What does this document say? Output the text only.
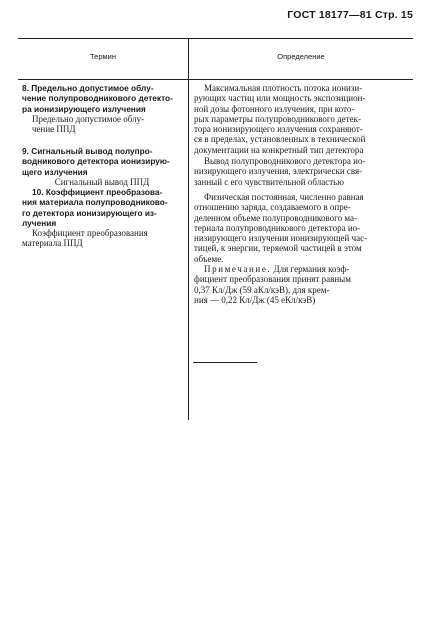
ГОСТ 18177—81 Стр. 15
Термин	Определение

8. Предельно допустимое облу-

чение полупроводникового детекто-

ра ионизирующего излучения

Предельно допустимое облу-

чение ППД

Максимальная плотность потока ионизи-

рующих частиц или мощность экспозицион-

ной дозы фотонного излучения, при кото-

рых параметры полупроводникового детек-

тора ионизирующего излучения сохраняют-

ся в пределах, установленных в технической

документации на конкретный тип детектора

9. Сигнальный вывод полупро-

водникового детектора ионизирую-

щего излучения

Сигнальный вывод ППД

Вывод полупроводникового детектора ио-

низирующего излучения, электрически свя-

занный с его чувствительной областью

10. Коэффициент преобразова-

ния материала полупроводниково-

го детектора ионизирующего из-

лучения

Коэффициент преобразования

материала ППД

Физическая постоянная, численно равная

отношению заряда, создаваемого в опре-

деленном объеме полупроводникового ма-

териала полупроводникового детектора ио-

низирующего излучения ионизирующей час-

тицей, к энергии, теряемой частицей в этом

объеме.

Примечание. Для германия коэф-

фициент преобразования принят равным

0,37 Кл/Дж (59 аКл/кэВ), для крем-

ния — 0,22 Кл/Дж (45 еКл/кэВ)
